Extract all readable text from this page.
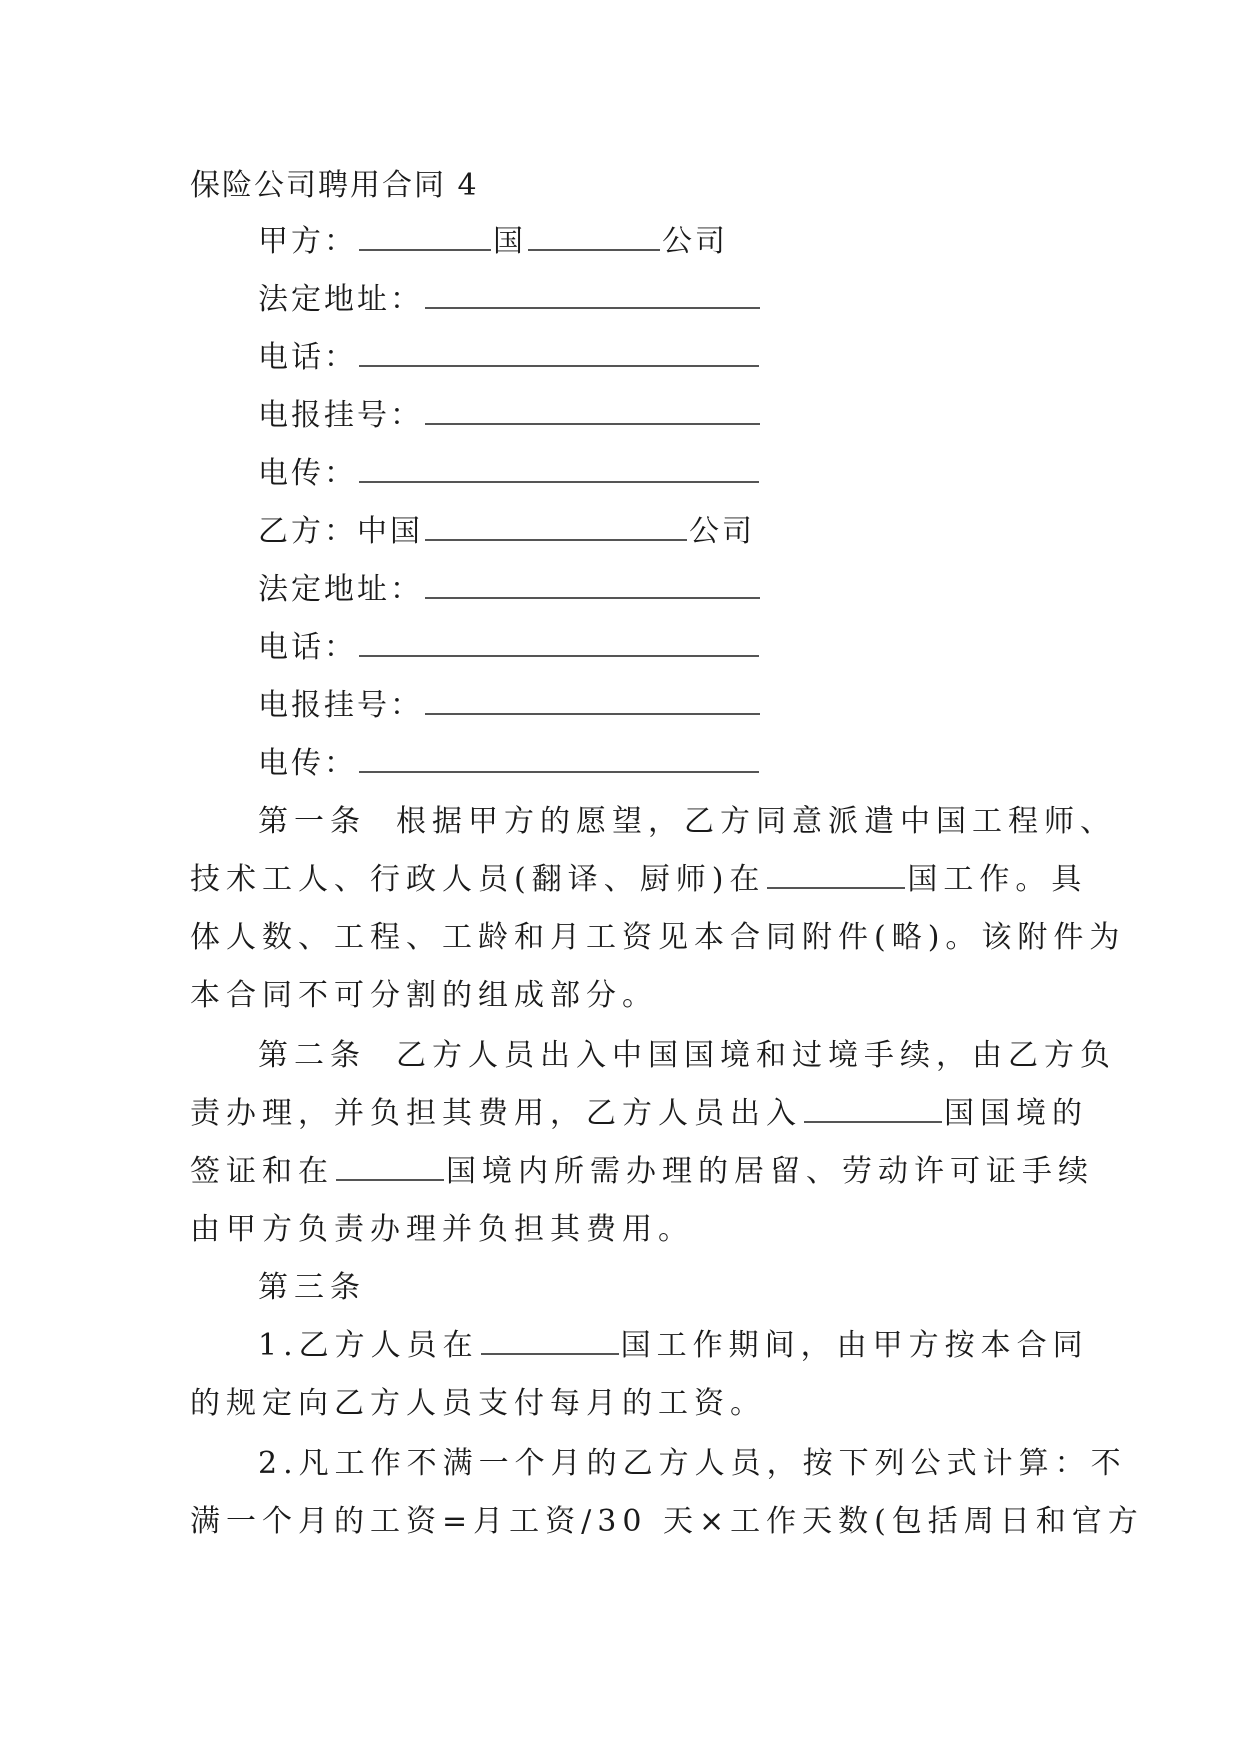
保险公司聘用合同 4
甲方：	国	公司
法定地址：
电话：
电报挂号：
电传：
乙方：中国	公司
法定地址：
电话：
电报挂号：
电传：
第一条 根据甲方的愿望，乙方同意派遣中国工程师、
技术工人、行政人员(翻译、厨师)在	国工作。具
体人数、工程、工龄和月工资见本合同附件(略)。该附件为
本合同不可分割的组成部分。
第二条 乙方人员出入中国国境和过境手续，由乙方负
责办理，并负担其费用，乙方人员出入	国国境的
签证和在	国境内所需办理的居留、劳动许可证手续
由甲方负责办理并负担其费用。
第三条
1.乙方人员在	国工作期间，由甲方按本合同
的规定向乙方人员支付每月的工资。
2.凡工作不满一个月的乙方人员，按下列公式计算：不
满一个月的工资=月工资/30 天×工作天数(包括周日和官方
